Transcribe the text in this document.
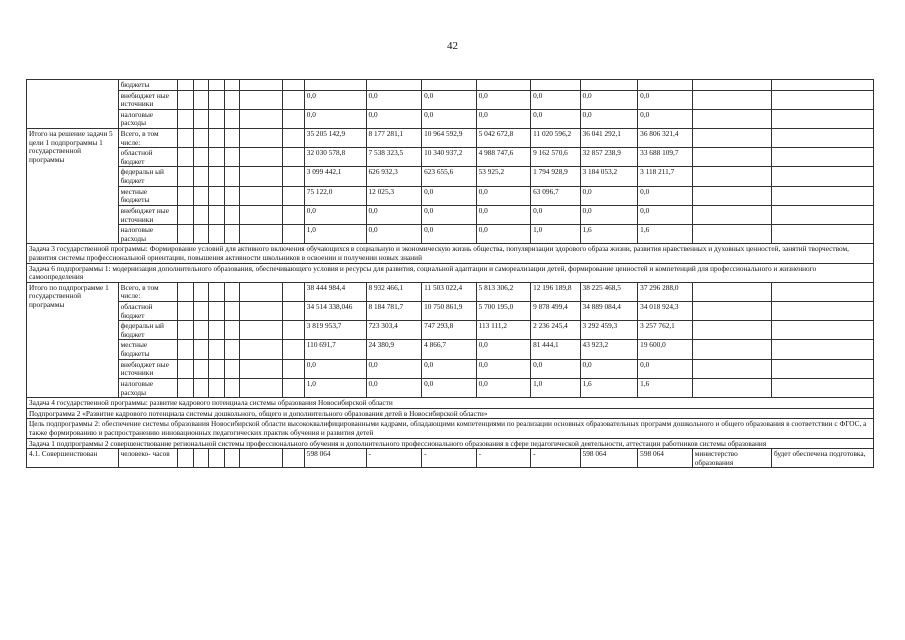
42
	бюджеты															
	внебюджет ные источники							0,0	0,0	0,0	0,0	0,0	0,0	0,0		
	налоговые расходы							0,0	0,0	0,0	0,0	0,0	0,0	0,0		
Итого на решение задачи 5 цели 1 подпрограммы 1 государственной программы	Всего, в том числе:							35 205 142,9	8 177 281,1	10 964 592,9	5 042 672,8	11 020 596,2	36 041 292,1	36 806 321,4		
	областной бюджет							32 030 578,8	7 538 323,5	10 340 937,2	4 988 747,6	9 162 570,6	32 857 238,9	33 688 109,7		
	федеральн ый бюджет							3 099 442,1	626 932,3	623 655,6	53 925,2	1 794 928,9	3 184 053,2	3 118 211,7		
	местные бюджеты							75 122,0	12 025,3	0,0	0,0	63 096,7	0,0	0,0		
	внебюджет ные источники							0,0	0,0	0,0	0,0	0,0	0,0	0,0		
	налоговые расходы							1,0	0,0	0,0	0,0	1,0	1,6	1,6		
Задача 3 государственной программы: Формирование условий для активного включения обучающихся в социальную и экономическую жизнь общества, популяризации здорового образа жизни, развития нравственных и духовных ценностей, занятий творчеством, развития системы профессиональной ориентации, повышения активности школьников в освоении и получении новых знаний																
Задача 6 подпрограммы 1: модернизация дополнительного образования, обеспечивающего условия и ресурсы для развития, социальной адаптации и самореализации детей, формирование ценностей и компетенций для профессионального и жизненного самоопределения																
Итого по подпрограмме 1 государственной программы	Всего, в том числе:							38 444 984,4	8 932 466,1	11 503 022,4	5 813 306,2	12 196 189,8	38 225 468,5	37 296 288,0		
	областной бюджет							34 514 338,046	8 184 781,7	10 750 861,9	5 700 195,0	9 878 499,4	34 889 084,4	34 018 924,3		
	федеральн ый бюджет							3 819 953,7	723 303,4	747 293,8	113 111,2	2 236 245,4	3 292 459,3	3 257 762,1		
	местные бюджеты							110 691,7	24 380,9	4 866,7	0,0	81 444,1	43 923,2	19 600,0		
	внебюджет ные источники							0,0	0,0	0,0	0,0	0,0	0,0	0,0		
	налоговые расходы							1,0	0,0	0,0	0,0	1,0	1,6	1,6		
Задача 4 государственной программы: развитие кадрового потенциала системы образования Новосибирской области																
Подпрограмма 2 «Развитие кадрового потенциала системы дошкольного, общего и дополнительного образования детей в Новосибирской области»																
Цель подпрограммы 2: обеспечение системы образования Новосибирской области высококвалифицированными кадрами, обладающими компетенциями по реализации основных образовательных программ дошкольного и общего образования в соответствии с ФГОС, а также формированию и распространению инновационных педагогических практик обучения и развития детей																
Задача 1 подпрограммы 2 совершенствование региональной системы профессионального обучения и дополнительного профессионального образования в сфере педагогической деятельности, аттестации работников системы образования																
4.1. Совершенствован	человеко- часов							598 064	-	-	-	-	598 064	598 064	министерство образования	будет обеспечена подготовка,
